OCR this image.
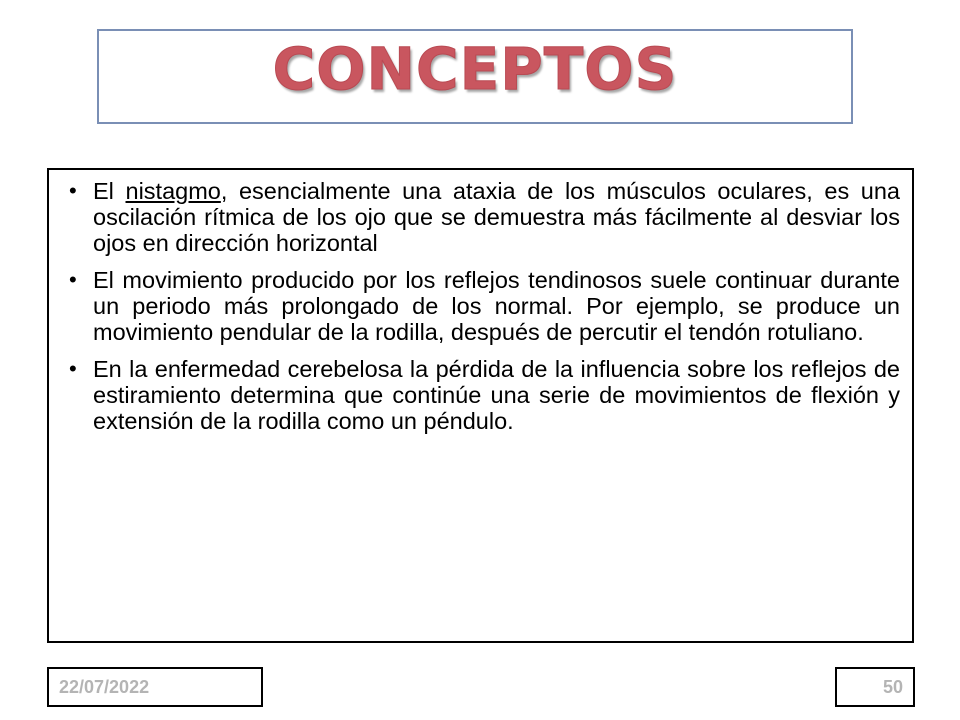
CONCEPTOS
• El nistagmo, esencialmente una ataxia de los músculos oculares, es una oscilación rítmica de los ojo que se demuestra más fácilmente al desviar los ojos en dirección horizontal
• El movimiento producido por los reflejos tendinosos suele continuar durante un periodo más prolongado de los normal. Por ejemplo, se produce un movimiento pendular de la rodilla, después de percutir el tendón rotuliano.
• En la enfermedad cerebelosa la pérdida de la influencia sobre los reflejos de estiramiento determina que continúe una serie de movimientos de flexión y extensión de la rodilla como un péndulo.
22/07/2022	50
